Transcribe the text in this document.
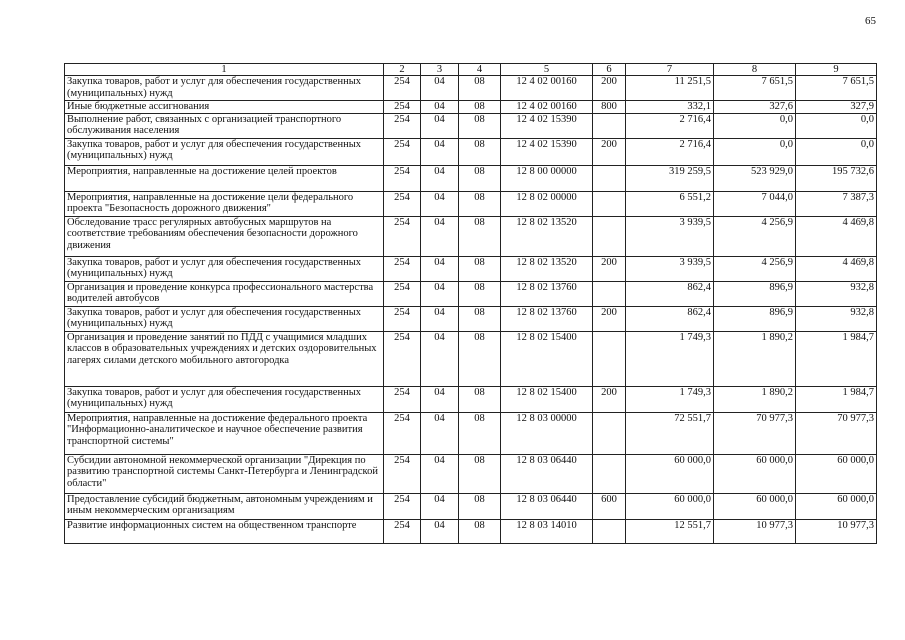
65
1	2	3	4	5	6	7	8	9
Закупка товаров, работ и услуг для обеспечения государственных (муниципальных) нужд	254	04	08	12 4 02 00160	200	11 251,5	7 651,5	7 651,5
Иные бюджетные ассигнования	254	04	08	12 4 02 00160	800	332,1	327,6	327,9
Выполнение работ, связанных с организацией транспортного обслуживания населения	254	04	08	12 4 02 15390		2 716,4	0,0	0,0
Закупка товаров, работ и услуг для обеспечения государственных (муниципальных) нужд	254	04	08	12 4 02 15390	200	2 716,4	0,0	0,0
Мероприятия, направленные на достижение целей проектов	254	04	08	12 8 00 00000		319 259,5	523 929,0	195 732,6
Мероприятия, направленные на достижение цели федерального проекта "Безопасность дорожного движения"	254	04	08	12 8 02 00000		6 551,2	7 044,0	7 387,3
Обследование трасс регулярных автобусных маршрутов на соответствие требованиям обеспечения безопасности дорожного движения	254	04	08	12 8 02 13520		3 939,5	4 256,9	4 469,8
Закупка товаров, работ и услуг для обеспечения государственных (муниципальных) нужд	254	04	08	12 8 02 13520	200	3 939,5	4 256,9	4 469,8
Организация и проведение конкурса профессионального мастерства водителей автобусов	254	04	08	12 8 02 13760		862,4	896,9	932,8
Закупка товаров, работ и услуг для обеспечения государственных (муниципальных) нужд	254	04	08	12 8 02 13760	200	862,4	896,9	932,8
Организация и проведение занятий по ПДД с учащимися младших классов в образовательных учреждениях и детских оздоровительных лагерях силами детского мобильного автогородка	254	04	08	12 8 02 15400		1 749,3	1 890,2	1 984,7
Закупка товаров, работ и услуг для обеспечения государственных (муниципальных) нужд	254	04	08	12 8 02 15400	200	1 749,3	1 890,2	1 984,7
Мероприятия, направленные на достижение федерального проекта "Информационно-аналитическое и научное обеспечение развития транспортной системы"	254	04	08	12 8 03 00000		72 551,7	70 977,3	70 977,3
Субсидии автономной некоммерческой организации "Дирекция по развитию транспортной системы Санкт-Петербурга и Ленинградской области"	254	04	08	12 8 03 06440		60 000,0	60 000,0	60 000,0
Предоставление субсидий бюджетным, автономным учреждениям и иным некоммерческим организациям	254	04	08	12 8 03 06440	600	60 000,0	60 000,0	60 000,0
Развитие информационных систем на общественном транспорте	254	04	08	12 8 03 14010		12 551,7	10 977,3	10 977,3
